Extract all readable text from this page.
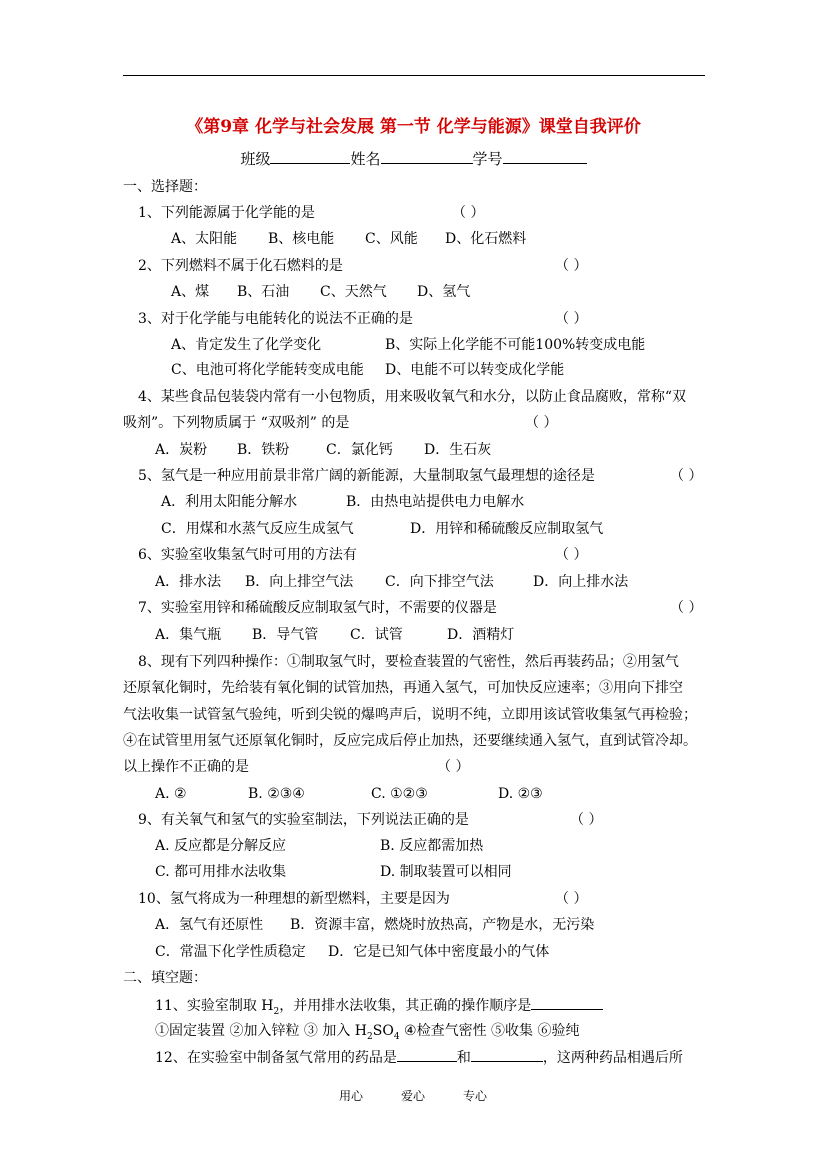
《第9章 化学与社会发展 第一节 化学与能源》课堂自我评价
班级	姓名	学号
一、选择题：
1、下列能源属于化学能的是	（ ）
A、太阳能 B、核电能 C、风能 D、化石燃料
2、下列燃料不属于化石燃料的是	（ ）
A、煤 B、石油 C、天然气 D、氢气
3、对于化学能与电能转化的说法不正确的是	（ ）
A、肯定发生了化学变化	B、实际上化学能不可能100%转变成电能
C、电池可将化学能转变成电能 D、电能不可以转变成化学能
4、某些食品包装袋内常有一小包物质，用来吸收氧气和水分，以防止食品腐败，常称“双
吸剂”。下列物质属于 “双吸剂” 的是	（ ）
A．炭粉 B．铁粉	C．氯化钙 D．生石灰
5、氢气是一种应用前景非常广阔的新能源，大量制取氢气最理想的途径是	（ ）
A．利用太阳能分解水	B．由热电站提供电力电解水
C．用煤和水蒸气反应生成氢气	D．用锌和稀硫酸反应制取氢气
6、实验室收集氢气时可用的方法有	（ ）
A．排水法 B．向上排空气法 C．向下排空气法	D．向上排水法
7、实验室用锌和稀硫酸反应制取氢气时，不需要的仪器是	（ ）
A．集气瓶 B．导气管 C．试管	D．酒精灯
8、现有下列四种操作：①制取氢气时，要检查装置的气密性，然后再装药品；②用氢气
还原氧化铜时，先给装有氧化铜的试管加热，再通入氢气，可加快反应速率；③用向下排空
气法收集一试管氢气验纯，听到尖锐的爆鸣声后，说明不纯，立即用该试管收集氢气再检验；
④在试管里用氢气还原氧化铜时，反应完成后停止加热，还要继续通入氢气，直到试管冷却。
以上操作不正确的是	（ ）
A. ②	B. ②③④	C. ①②③	D. ②③
9、有关氧气和氢气的实验室制法，下列说法正确的是	（ ）
A. 反应都是分解反应	B. 反应都需加热
C. 都可用排水法收集	D. 制取装置可以相同
10、氢气将成为一种理想的新型燃料，主要是因为	（ ）
A．氢气有还原性 B．资源丰富，燃烧时放热高，产物是水，无污染
C．常温下化学性质稳定 D．它是已知气体中密度最小的气体
二、填空题：
11、实验室制取 $H_2$，并用排水法收集，其正确的操作顺序是
①固定装置 ②加入锌粒 ③ 加入 $H_2SO_4$ ④检查气密性 ⑤收集 ⑥验纯
12、在实验室中制备氢气常用的药品是	和	，这两种药品相遇后所
用心	爱心	专心
